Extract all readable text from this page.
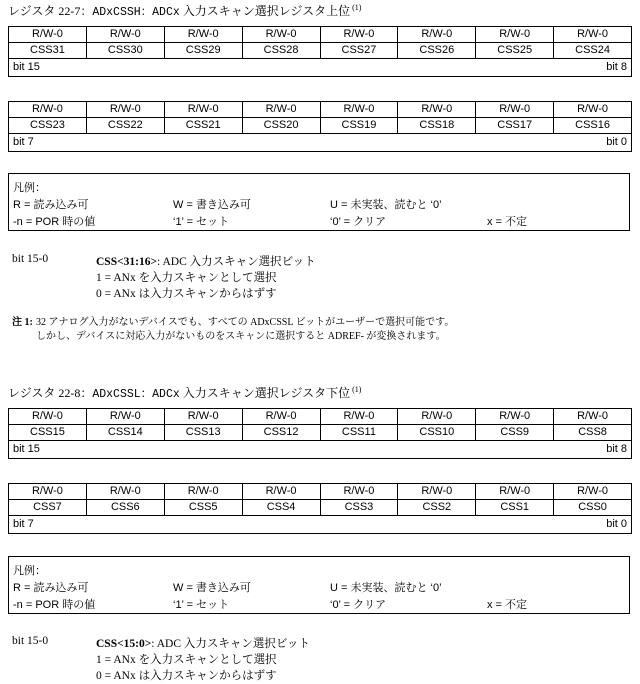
レジスタ 22-7：ADxCSSH：ADCx 入力スキャン選択レジスタ上位 $^{(1)}$
R/W-0	R/W-0	R/W-0	R/W-0	R/W-0	R/W-0	R/W-0	R/W-0
CSS31	CSS30	CSS29	CSS28	CSS27	CSS26	CSS25	CSS24

bit 15 bit 8							
R/W-0	R/W-0	R/W-0	R/W-0	R/W-0	R/W-0	R/W-0	R/W-0
CSS23	CSS22	CSS21	CSS20	CSS19	CSS18	CSS17	CSS16

bit 7 bit 0							
凡例：
R = 読み込み可	W = 書き込み可	U = 未実装、読むと ‘0’
-n = POR 時の値	‘1’ = セット	‘0’ = クリア	x = 不定
bit 15-0	CSS<31:16>: ADC 入力スキャン選択ビット
1 = ANx を入力スキャンとして選択
0 = ANx は入力スキャンからはずす
注 1: 32 アナログ入力がないデバイスでも、すべての ADxCSSL ビットがユーザーで選択可能です。
しかし、デバイスに対応入力がないものをスキャンに選択すると ADREF- が変換されます。
レジスタ 22-8：ADxCSSL：ADCx 入力スキャン選択レジスタ下位 $^{(1)}$
R/W-0	R/W-0	R/W-0	R/W-0	R/W-0	R/W-0	R/W-0	R/W-0
CSS15	CSS14	CSS13	CSS12	CSS11	CSS10	CSS9	CSS8

bit 15 bit 8							
R/W-0	R/W-0	R/W-0	R/W-0	R/W-0	R/W-0	R/W-0	R/W-0
CSS7	CSS6	CSS5	CSS4	CSS3	CSS2	CSS1	CSS0

bit 7 bit 0							
凡例：
R = 読み込み可	W = 書き込み可	U = 未実装、読むと ‘0’
-n = POR 時の値	‘1’ = セット	‘0’ = クリア	x = 不定
bit 15-0	CSS<15:0>: ADC 入力スキャン選択ビット
1 = ANx を入力スキャンとして選択
0 = ANx は入力スキャンからはずす
